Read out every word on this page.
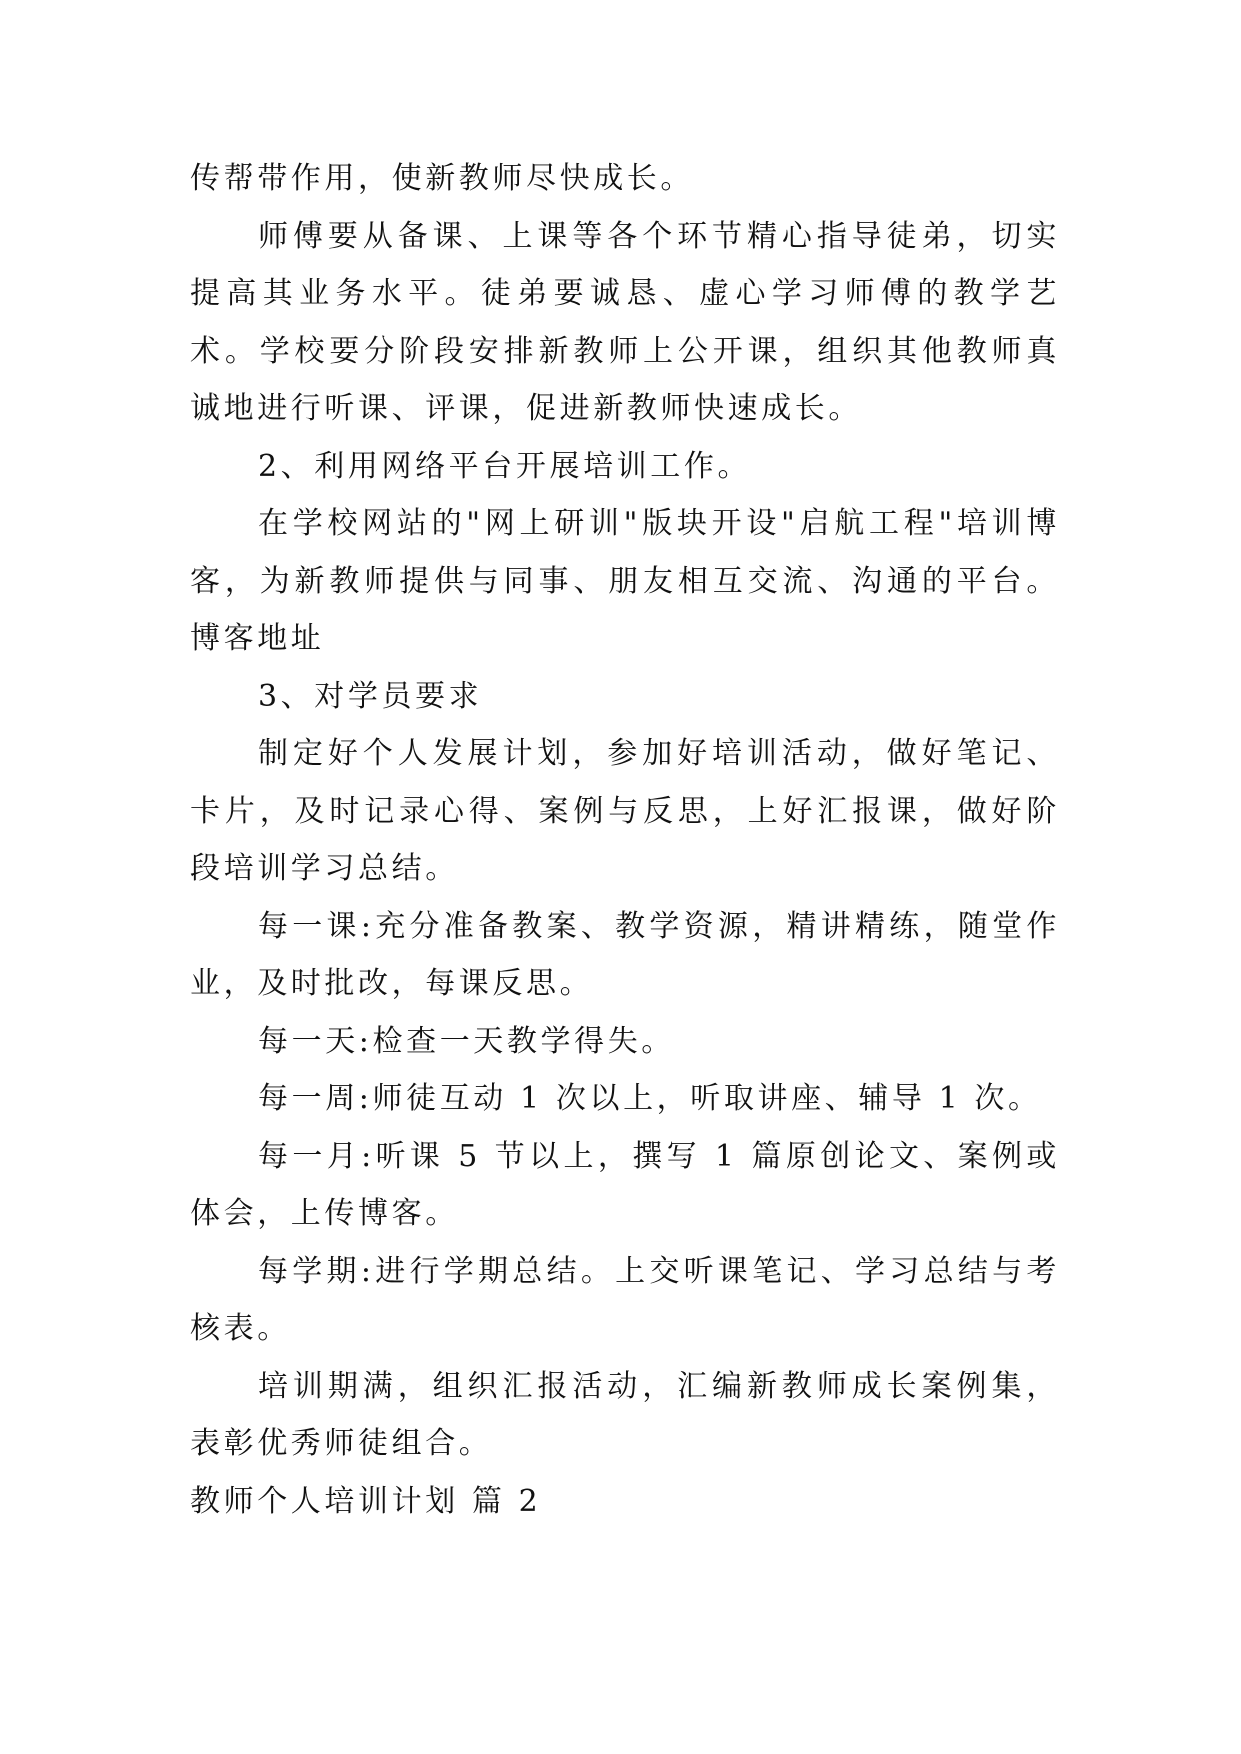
传帮带作用，使新教师尽快成长。

师傅要从备课、上课等各个环节精心指导徒弟，切实提高其业务水平。徒弟要诚恳、虚心学习师傅的教学艺术。学校要分阶段安排新教师上公开课，组织其他教师真诚地进行听课、评课，促进新教师快速成长。

2、利用网络平台开展培训工作。

在学校网站的"网上研训"版块开设"启航工程"培训博客，为新教师提供与同事、朋友相互交流、沟通的平台。博客地址

3、对学员要求

制定好个人发展计划，参加好培训活动，做好笔记、卡片，及时记录心得、案例与反思，上好汇报课，做好阶段培训学习总结。

每一课:充分准备教案、教学资源，精讲精练，随堂作业，及时批改，每课反思。

每一天:检查一天教学得失。

每一周:师徒互动 1 次以上，听取讲座、辅导 1 次。

每一月:听课 5 节以上，撰写 1 篇原创论文、案例或体会，上传博客。

每学期:进行学期总结。上交听课笔记、学习总结与考核表。

培训期满，组织汇报活动，汇编新教师成长案例集，表彰优秀师徒组合。

教师个人培训计划 篇 2
